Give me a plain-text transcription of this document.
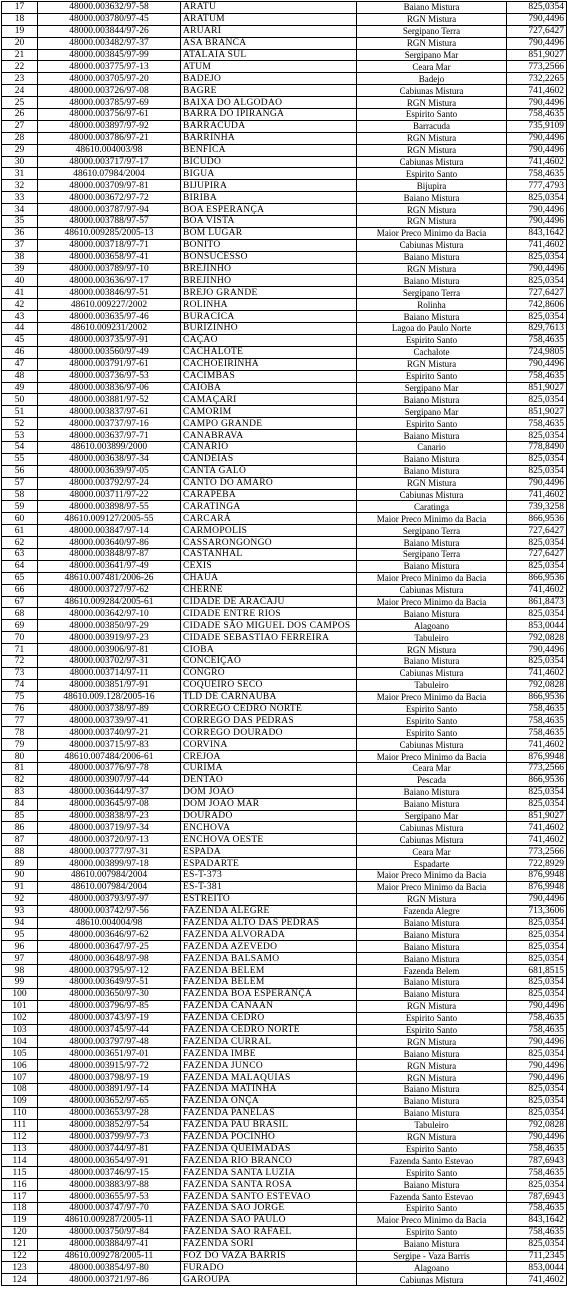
17	48000.003632/97-58	ARATU	Baiano Mistura	825,0354
18	48000.003780/97-45	ARATUM	RGN Mistura	790,4496
19	48000.003844/97-26	ARUARI	Sergipano Terra	727,6427
20	48000.003482/97-37	ASA BRANCA	RGN Mistura	790,4496
21	48000.003845/97-99	ATALAIA SUL	Sergipano Mar	851,9027
22	48000.003775/97-13	ATUM	Ceara Mar	773,2566
23	48000.003705/97-20	BADEJO	Badejo	732,2265
24	48000.003726/97-08	BAGRE	Cabiunas Mistura	741,4602
25	48000.003785/97-69	BAIXA DO ALGODAO	RGN Mistura	790,4496
26	48000.003756/97-61	BARRA DO IPIRANGA	Espirito Santo	758,4635
27	48000.003897/97-92	BARRACUDA	Barracuda	735,9109
28	48000.003786/97-21	BARRINHA	RGN Mistura	790,4496
29	48610.004003/98	BENFICA	RGN Mistura	790,4496
30	48000.003717/97-17	BICUDO	Cabiunas Mistura	741,4602
31	48610.07984/2004	BIGUA	Espirito Santo	758,4635
32	48000.003709/97-81	BIJUPIRA	Bijupira	777,4793
33	48000.003672/97-72	BIRIBA	Baiano Mistura	825,0354
34	48000.003787/97-94	BOA ESPERANÇA	RGN Mistura	790,4496
35	48000.003788/97-57	BOA VISTA	RGN Mistura	790,4496
36	48610.009285/2005-13	BOM LUGAR	Maior Preco Minimo da Bacia	843,1642
37	48000.003718/97-71	BONITO	Cabiunas Mistura	741,4602
38	48000.003658/97-41	BONSUCESSO	Baiano Mistura	825,0354
39	48000.003789/97-10	BREJINHO	RGN Mistura	790,4496
40	48000.003636/97-17	BREJINHO	Baiano Mistura	825,0354
41	48000.003846/97-51	BREJO GRANDE	Sergipano Terra	727,6427
42	48610.009227/2002	ROLINHA	Rolinha	742,8606
43	48000.003635/97-46	BURACICA	Baiano Mistura	825,0354
44	48610.009231/2002	BURIZINHO	Lagoa do Paulo Norte	829,7613
45	48000.003735/97-91	CAÇAO	Espirito Santo	758,4635
46	48000.003560/97-49	CACHALOTE	Cachalote	724,9805
47	48000.003791/97-61	CACHOEIRINHA	RGN Mistura	790,4496
48	48000.003736/97-53	CACIMBAS	Espirito Santo	758,4635
49	48000.003836/97-06	CAIOBA	Sergipano Mar	851,9027
50	48000.003881/97-52	CAMAÇARI	Baiano Mistura	825,0354
51	48000.003837/97-61	CAMORIM	Sergipano Mar	851,9027
52	48000.003737/97-16	CAMPO GRANDE	Espirito Santo	758,4635
53	48000.003637/97-71	CANABRAVA	Baiano Mistura	825,0354
54	48610.003899/2000	CANARIO	Canario	778,8490
55	48000.003638/97-34	CANDEIAS	Baiano Mistura	825,0354
56	48000.003639/97-05	CANTA GALO	Baiano Mistura	825,0354
57	48000.003792/97-24	CANTO DO AMARO	RGN Mistura	790,4496
58	48000.003711/97-22	CARAPEBA	Cabiunas Mistura	741,4602
59	48000.003898/97-55	CARATINGA	Caratinga	739,3258
60	48610.009127/2005-55	CARCARÁ	Maior Preco Minimo da Bacia	866,9536
61	48000.003847/97-14	CARMOPOLIS	Sergipano Terra	727,6427
62	48000.003640/97-86	CASSARONGONGO	Baiano Mistura	825,0354
63	48000.003848/97-87	CASTANHAL	Sergipano Terra	727,6427
64	48000.003641/97-49	CEXIS	Baiano Mistura	825,0354
65	48610.007481/2006-26	CHAUA	Maior Preco Minimo da Bacia	866,9536
66	48000.003727/97-62	CHERNE	Cabiunas Mistura	741,4602
67	48610.009284/2005-61	CIDADE DE ARACAJU	Maior Preco Minimo da Bacia	861,8473
68	48000.003642/97-10	CIDADE ENTRE RIOS	Baiano Mistura	825,0354
69	48000.003850/97-29	CIDADE SÃO MIGUEL DOS CAMPOS	Alagoano	853,0044
70	48000.003919/97-23	CIDADE SEBASTIAO FERREIRA	Tabuleiro	792,0828
71	48000.003906/97-81	CIOBA	RGN Mistura	790,4496
72	48000.003702/97-31	CONCEIÇAO	Baiano Mistura	825,0354
73	48000.003714/97-11	CONGRO	Cabiunas Mistura	741,4602
74	48000.003851/97-91	COQUEIRO SECO	Tabuleiro	792,0828
75	48610.009.128/2005-16	TLD DE CARNAUBA	Maior Preco Minimo da Bacia	866,9536
76	48000.003738/97-89	CORREGO CEDRO NORTE	Espirito Santo	758,4635
77	48000.003739/97-41	CORREGO DAS PEDRAS	Espirito Santo	758,4635
78	48000.003740/97-21	CORREGO DOURADO	Espirito Santo	758,4635
79	48000.003715/97-83	CORVINA	Cabiunas Mistura	741,4602
80	48610.007484/2006-61	CREJOA	Maior Preco Minimo da Bacia	876,9948
81	48000.003776/97-78	CURIMA	Ceara Mar	773,2566
82	48000.003907/97-44	DENTAO	Pescada	866,9536
83	48000.003644/97-37	DOM JOAO	Baiano Mistura	825,0354
84	48000.003645/97-08	DOM JOAO MAR	Baiano Mistura	825,0354
85	48000.003838/97-23	DOURADO	Sergipano Mar	851,9027
86	48000.003719/97-34	ENCHOVA	Cabiunas Mistura	741,4602
87	48000.003720/97-13	ENCHOVA OESTE	Cabiunas Mistura	741,4602
88	48000.003777/97-31	ESPADA	Ceara Mar	773,2566
89	48000.003899/97-18	ESPADARTE	Espadarte	722,8929
90	48610.007984/2004	ES-T-373	Maior Preco Minimo da Bacia	876,9948
91	48610.007984/2004	ES-T-381	Maior Preco Minimo da Bacia	876,9948
92	48000.003793/97-97	ESTREITO	RGN Mistura	790,4496
93	48000.003742/97-56	FAZENDA ALEGRE	Fazenda Alegre	713,3606
94	48610.004004/98	FAZENDA ALTO DAS PEDRAS	Baiano Mistura	825,0354
95	48000.003646/97-62	FAZENDA ALVORADA	Baiano Mistura	825,0354
96	48000.003647/97-25	FAZENDA AZEVEDO	Baiano Mistura	825,0354
97	48000.003648/97-98	FAZENDA BALSAMO	Baiano Mistura	825,0354
98	48000.003795/97-12	FAZENDA BELEM	Fazenda Belem	681,8515
99	48000.003649/97-51	FAZENDA BELEM	Baiano Mistura	825,0354
100	48000.003650/97-30	FAZENDA BOA ESPERANÇA	Baiano Mistura	825,0354
101	48000.003796/97-85	FAZENDA CANAAN	RGN Mistura	790,4496
102	48000.003743/97-19	FAZENDA CEDRO	Espirito Santo	758,4635
103	48000.003745/97-44	FAZENDA CEDRO NORTE	Espirito Santo	758,4635
104	48000.003797/97-48	FAZENDA CURRAL	RGN Mistura	790,4496
105	48000.003651/97-01	FAZENDA IMBE	Baiano Mistura	825,0354
106	48000.003915/97-72	FAZENDA JUNCO	RGN Mistura	790,4496
107	48000.003798/97-19	FAZENDA MALAQUIAS	RGN Mistura	790,4496
108	48000.003891/97-14	FAZENDA MATINHA	Baiano Mistura	825,0354
109	48000.003652/97-65	FAZENDA ONÇA	Baiano Mistura	825,0354
110	48000.003653/97-28	FAZENDA PANELAS	Baiano Mistura	825,0354
111	48000.003852/97-54	FAZENDA PAU BRASIL	Tabuleiro	792,0828
112	48000.003799/97-73	FAZENDA POCINHO	RGN Mistura	790,4496
113	48000.003744/97-81	FAZENDA QUEIMADAS	Espirito Santo	758,4635
114	48000.003654/97-91	FAZENDA RIO BRANCO	Fazenda Santo Estevao	787,6943
115	48000.003746/97-15	FAZENDA SANTA LUZIA	Espirito Santo	758,4635
116	48000.003883/97-88	FAZENDA SANTA ROSA	Baiano Mistura	825,0354
117	48000.003655/97-53	FAZENDA SANTO ESTEVAO	Fazenda Santo Estevao	787,6943
118	48000.003747/97-70	FAZENDA SÃO JORGE	Espirito Santo	758,4635
119	48610.009287/2005-11	FAZENDA SÃO PAULO	Maior Preco Minimo da Bacia	843,1642
120	48000.003750/97-84	FAZENDA SÃO RAFAEL	Espirito Santo	758,4635
121	48000.003884/97-41	FAZENDA SORI	Baiano Mistura	825,0354
122	48610.009278/2005-11	FOZ DO VAZA BARRIS	Sergipe - Vaza Barris	711,2345
123	48000.003854/97-80	FURADO	Alagoano	853,0044
124	48000.003721/97-86	GAROUPA	Cabiunas Mistura	741,4602
